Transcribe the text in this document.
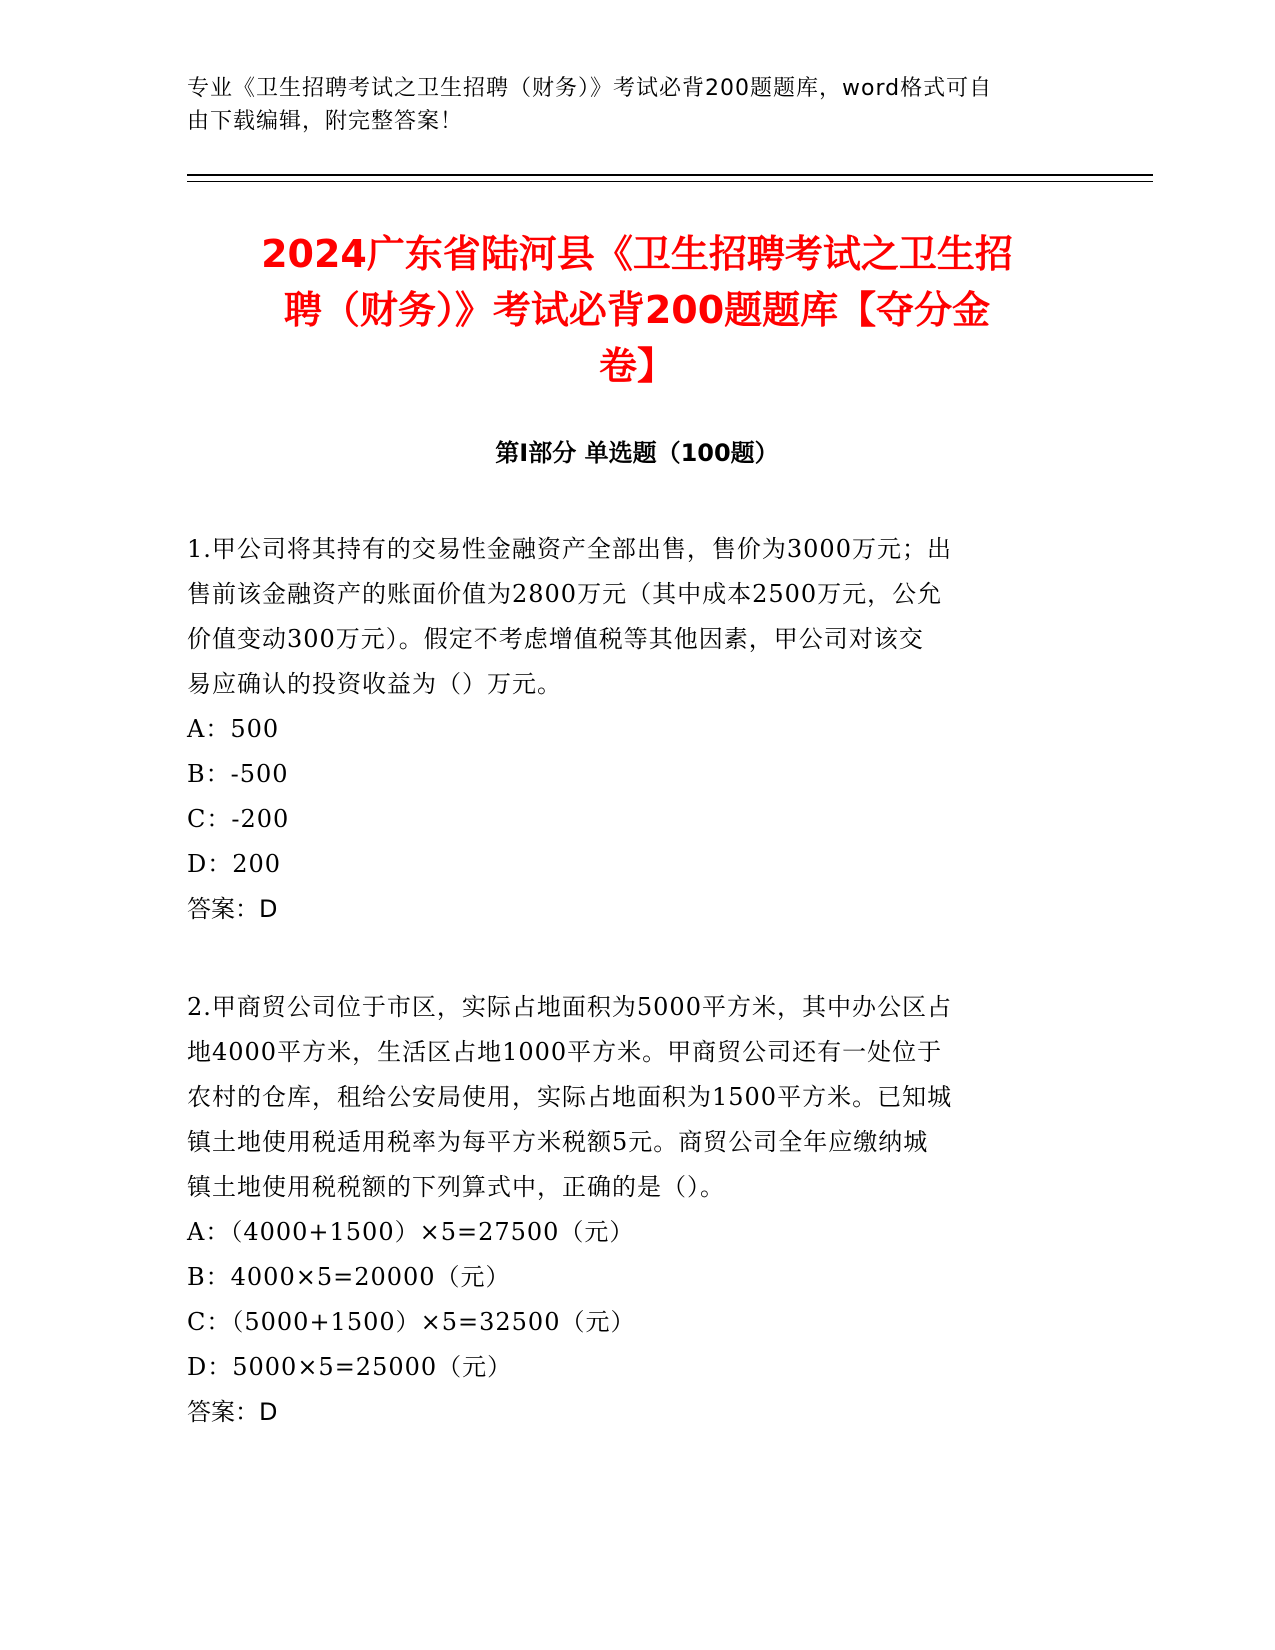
专业《卫生招聘考试之卫生招聘（财务）》考试必背200题题库，word格式可自
由下载编辑，附完整答案！
2024广东省陆河县《卫生招聘考试之卫生招
聘（财务）》考试必背200题题库【夺分金
卷】
第I部分 单选题（100题）

1.甲公司将其持有的交易性金融资产全部出售，售价为3000万元；出

售前该金融资产的账面价值为2800万元（其中成本2500万元，公允

价值变动300万元）。假定不考虑增值税等其他因素，甲公司对该交

易应确认的投资收益为（）万元。

A：500

B：-500

C：-200

D：200

答案：D

2.甲商贸公司位于市区，实际占地面积为5000平方米，其中办公区占

地4000平方米，生活区占地1000平方米。甲商贸公司还有一处位于

农村的仓库，租给公安局使用，实际占地面积为1500平方米。已知城

镇土地使用税适用税率为每平方米税额5元。商贸公司全年应缴纳城

镇土地使用税税额的下列算式中，正确的是（）。

A：（4000+1500）×5=27500（元）

B：4000×5=20000（元）

C：（5000+1500）×5=32500（元）

D：5000×5=25000（元）

答案：D
